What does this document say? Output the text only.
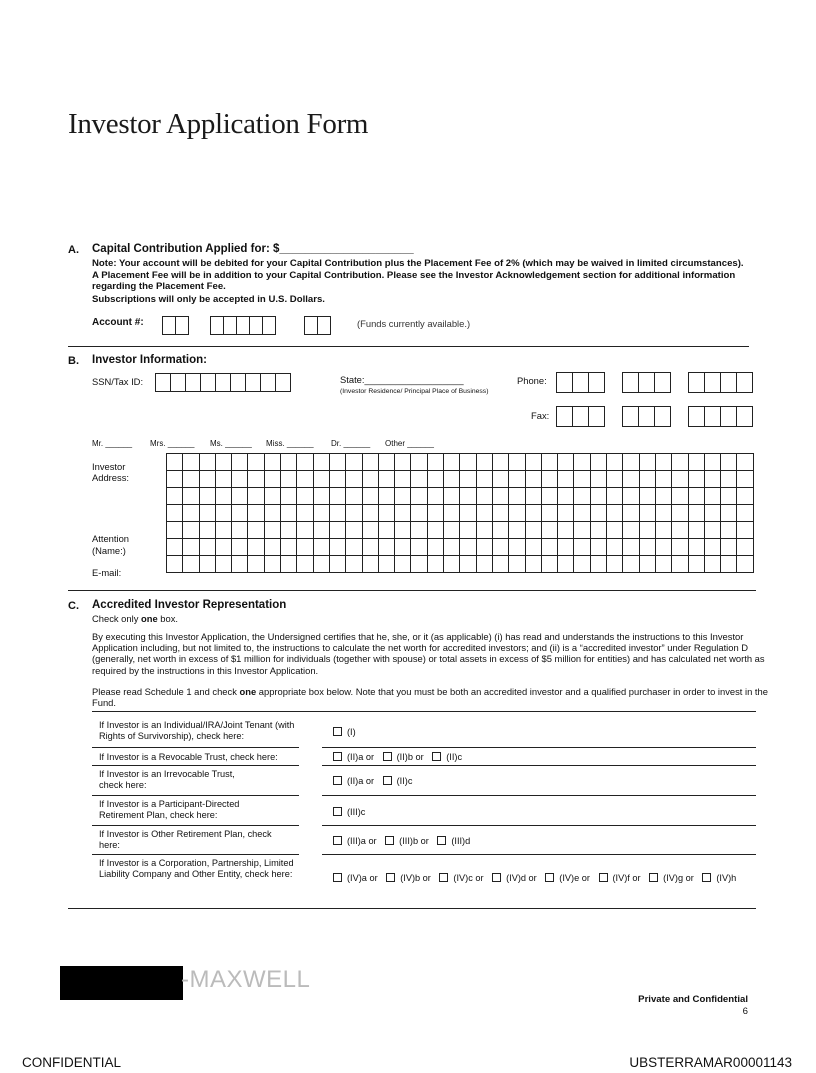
Investor Application Form
A. Capital Contribution Applied for: $_____________________
Note: Your account will be debited for your Capital Contribution plus the Placement Fee of 2% (which may be waived in limited circumstances). A Placement Fee will be in addition to your Capital Contribution. Please see the Investor Acknowledgement section for additional information regarding the Placement Fee.
Subscriptions will only be accepted in U.S. Dollars.
Account #:	(Funds currently available.)
B. Investor Information:
SSN/Tax ID:	State:___________________
(Investor Residence/ Principal Place of Business)
Phone:
Fax:
Mr. ______ Mrs. ______ Ms. ______ Miss. ______ Dr. ______ Other ______
Investor
Address:
Attention
(Name:)
E-mail:
C. Accredited Investor Representation
Check only one box.
By executing this Investor Application, the Undersigned certifies that he, she, or it (as applicable) (i) has read and understands the instructions to this Investor Application including, but not limited to, the instructions to calculate the net worth for accredited investors; and (ii) is a “accredited investor” under Regulation D (generally, net worth in excess of $1 million for individuals (together with spouse) or total assets in excess of $5 million for entities) and has calculated net worth as required by the instructions in this Investor Application.
Please read Schedule 1 and check one appropriate box below. Note that you must be both an accredited investor and a qualified purchaser in order to invest in the Fund.
If Investor is an Individual/IRA/Joint Tenant (with Rights of Survivorship), check here:	(I)
If Investor is a Revocable Trust, check here:	(II)a or (II)b or (II)c
If Investor is an Irrevocable Trust, check here:	(II)a or (II)c
If Investor is a Participant-Directed Retirement Plan, check here:	(III)c
If Investor is Other Retirement Plan, check here:	(III)a or (III)b or (III)d
If Investor is a Corporation, Partnership, Limited Liability Company and Other Entity, check here:	(IV)a or (IV)b or (IV)c or (IV)d or (IV)e or (IV)f or (IV)g or (IV)h
-MAXWELL
Private and Confidential
6
CONFIDENTIAL	UBSTERRAMAR00001143
